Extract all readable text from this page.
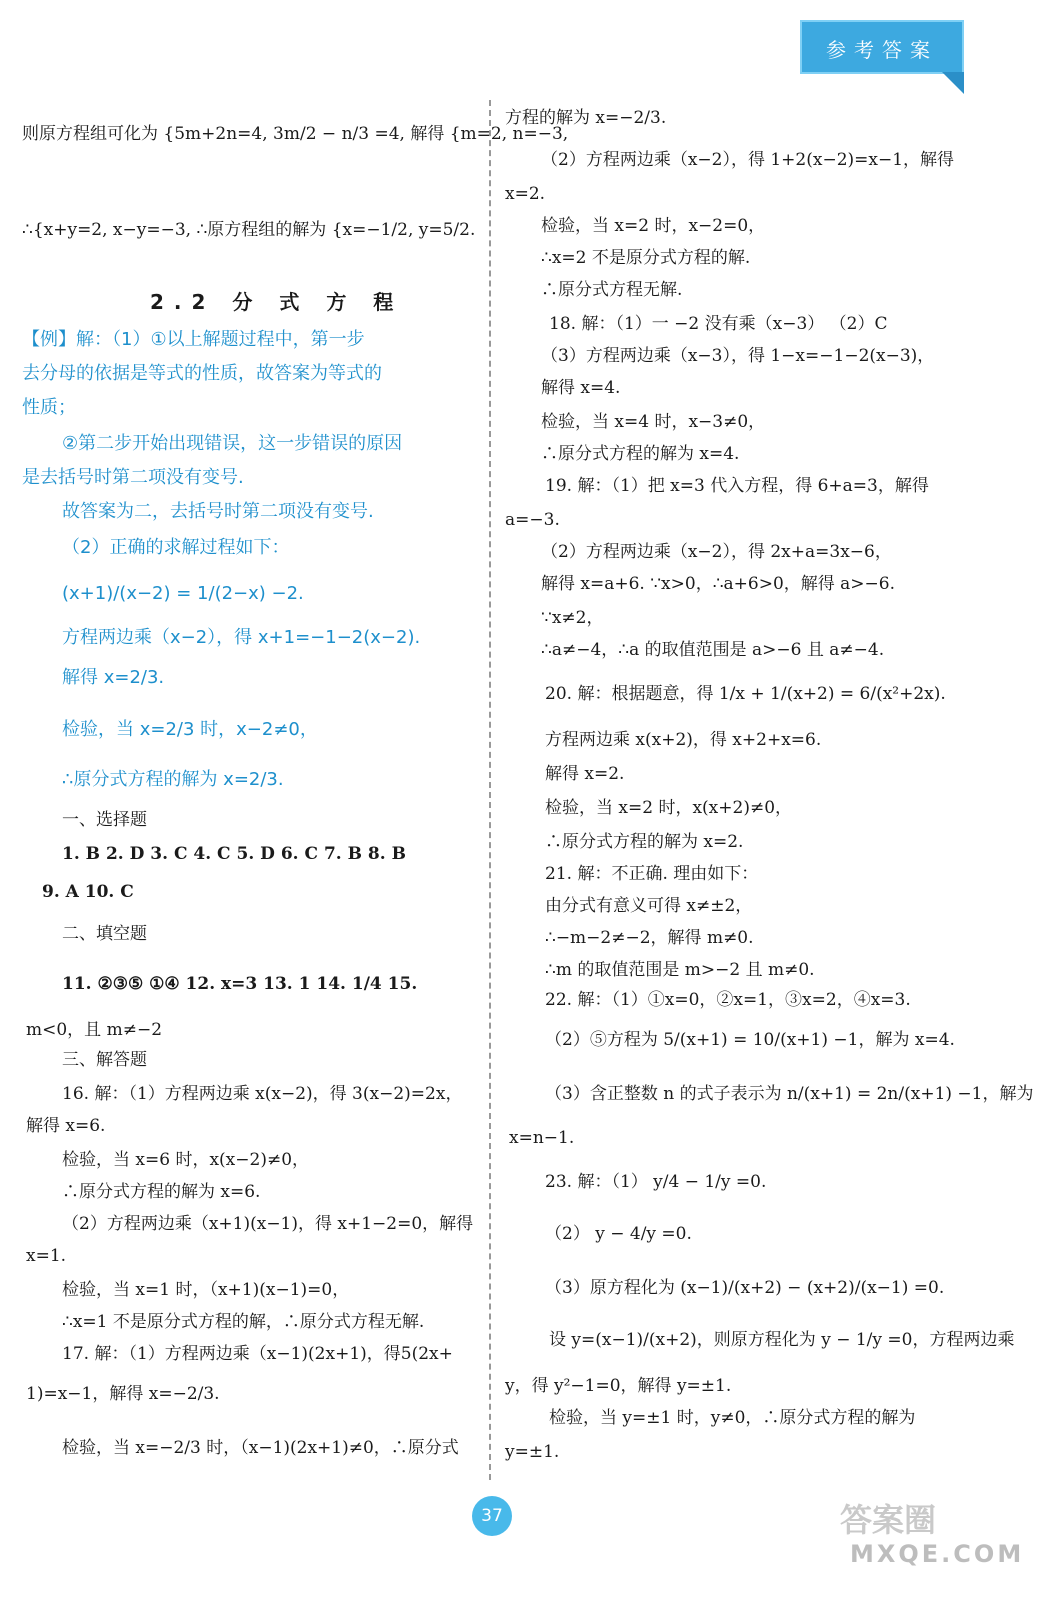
参考答案
则原方程组可化为 {5m+2n=4, 3m/2 − n/3 =4, 解得 {m=2, n=−3,
∴{x+y=2, x−y=−3, ∴原方程组的解为 {x=−1/2, y=5/2.
2.2 分 式 方 程
【例】解：（1）①以上解题过程中，第一步
去分母的依据是等式的性质，故答案为等式的
性质；
②第二步开始出现错误，这一步错误的原因
是去括号时第二项没有变号.
故答案为二，去括号时第二项没有变号.
（2）正确的求解过程如下：
(x+1)/(x−2) = 1/(2−x) −2.
方程两边乘（x−2），得 x+1=−1−2(x−2).
解得 x=2/3.
检验，当 x=2/3 时，x−2≠0，
∴原分式方程的解为 x=2/3.
一、选择题
1. B 2. D 3. C 4. C 5. D 6. C 7. B 8. B
9. A 10. C
二、填空题
11. ②③⑤ ①④ 12. x=3 13. 1 14. 1/4 15.
m<0，且 m≠−2
三、解答题
16. 解：（1）方程两边乘 x(x−2)，得 3(x−2)=2x，
解得 x=6.
检验，当 x=6 时，x(x−2)≠0，
∴原分式方程的解为 x=6.
（2）方程两边乘（x+1)(x−1)，得 x+1−2=0，解得
x=1.
检验，当 x=1 时，（x+1)(x−1)=0，
∴x=1 不是原分式方程的解，∴原分式方程无解.
17. 解：（1）方程两边乘（x−1)(2x+1)，得5(2x+
1)=x−1，解得 x=−2/3.
检验，当 x=−2/3 时，（x−1)(2x+1)≠0，∴原分式
方程的解为 x=−2/3.
（2）方程两边乘（x−2），得 1+2(x−2)=x−1，解得
x=2.
检验，当 x=2 时，x−2=0，
∴x=2 不是原分式方程的解.
∴原分式方程无解.
18. 解：（1）一 −2 没有乘（x−3） （2）C
（3）方程两边乘（x−3），得 1−x=−1−2(x−3)，
解得 x=4.
检验，当 x=4 时，x−3≠0，
∴原分式方程的解为 x=4.
19. 解：（1）把 x=3 代入方程，得 6+a=3，解得
a=−3.
（2）方程两边乘（x−2），得 2x+a=3x−6，
解得 x=a+6. ∵x>0，∴a+6>0，解得 a>−6.
∵x≠2，
∴a≠−4，∴a 的取值范围是 a>−6 且 a≠−4.
20. 解：根据题意，得 1/x + 1/(x+2) = 6/(x²+2x).
方程两边乘 x(x+2)，得 x+2+x=6.
解得 x=2.
检验，当 x=2 时，x(x+2)≠0，
∴原分式方程的解为 x=2.
21. 解：不正确. 理由如下：
由分式有意义可得 x≠±2，
∴−m−2≠−2，解得 m≠0.
∴m 的取值范围是 m>−2 且 m≠0.
22. 解：（1）①x=0，②x=1，③x=2，④x=3.
（2）⑤方程为 5/(x+1) = 10/(x+1) −1，解为 x=4.
（3）含正整数 n 的式子表示为 n/(x+1) = 2n/(x+1) −1，解为
x=n−1.
23. 解：（1） y/4 − 1/y =0.
（2） y − 4/y =0.
（3）原方程化为 (x−1)/(x+2) − (x+2)/(x−1) =0.
设 y=(x−1)/(x+2)，则原方程化为 y − 1/y =0，方程两边乘
y，得 y²−1=0，解得 y=±1.
检验，当 y=±1 时，y≠0，∴原分式方程的解为
y=±1.
37	答案圈
MXQE.COM
